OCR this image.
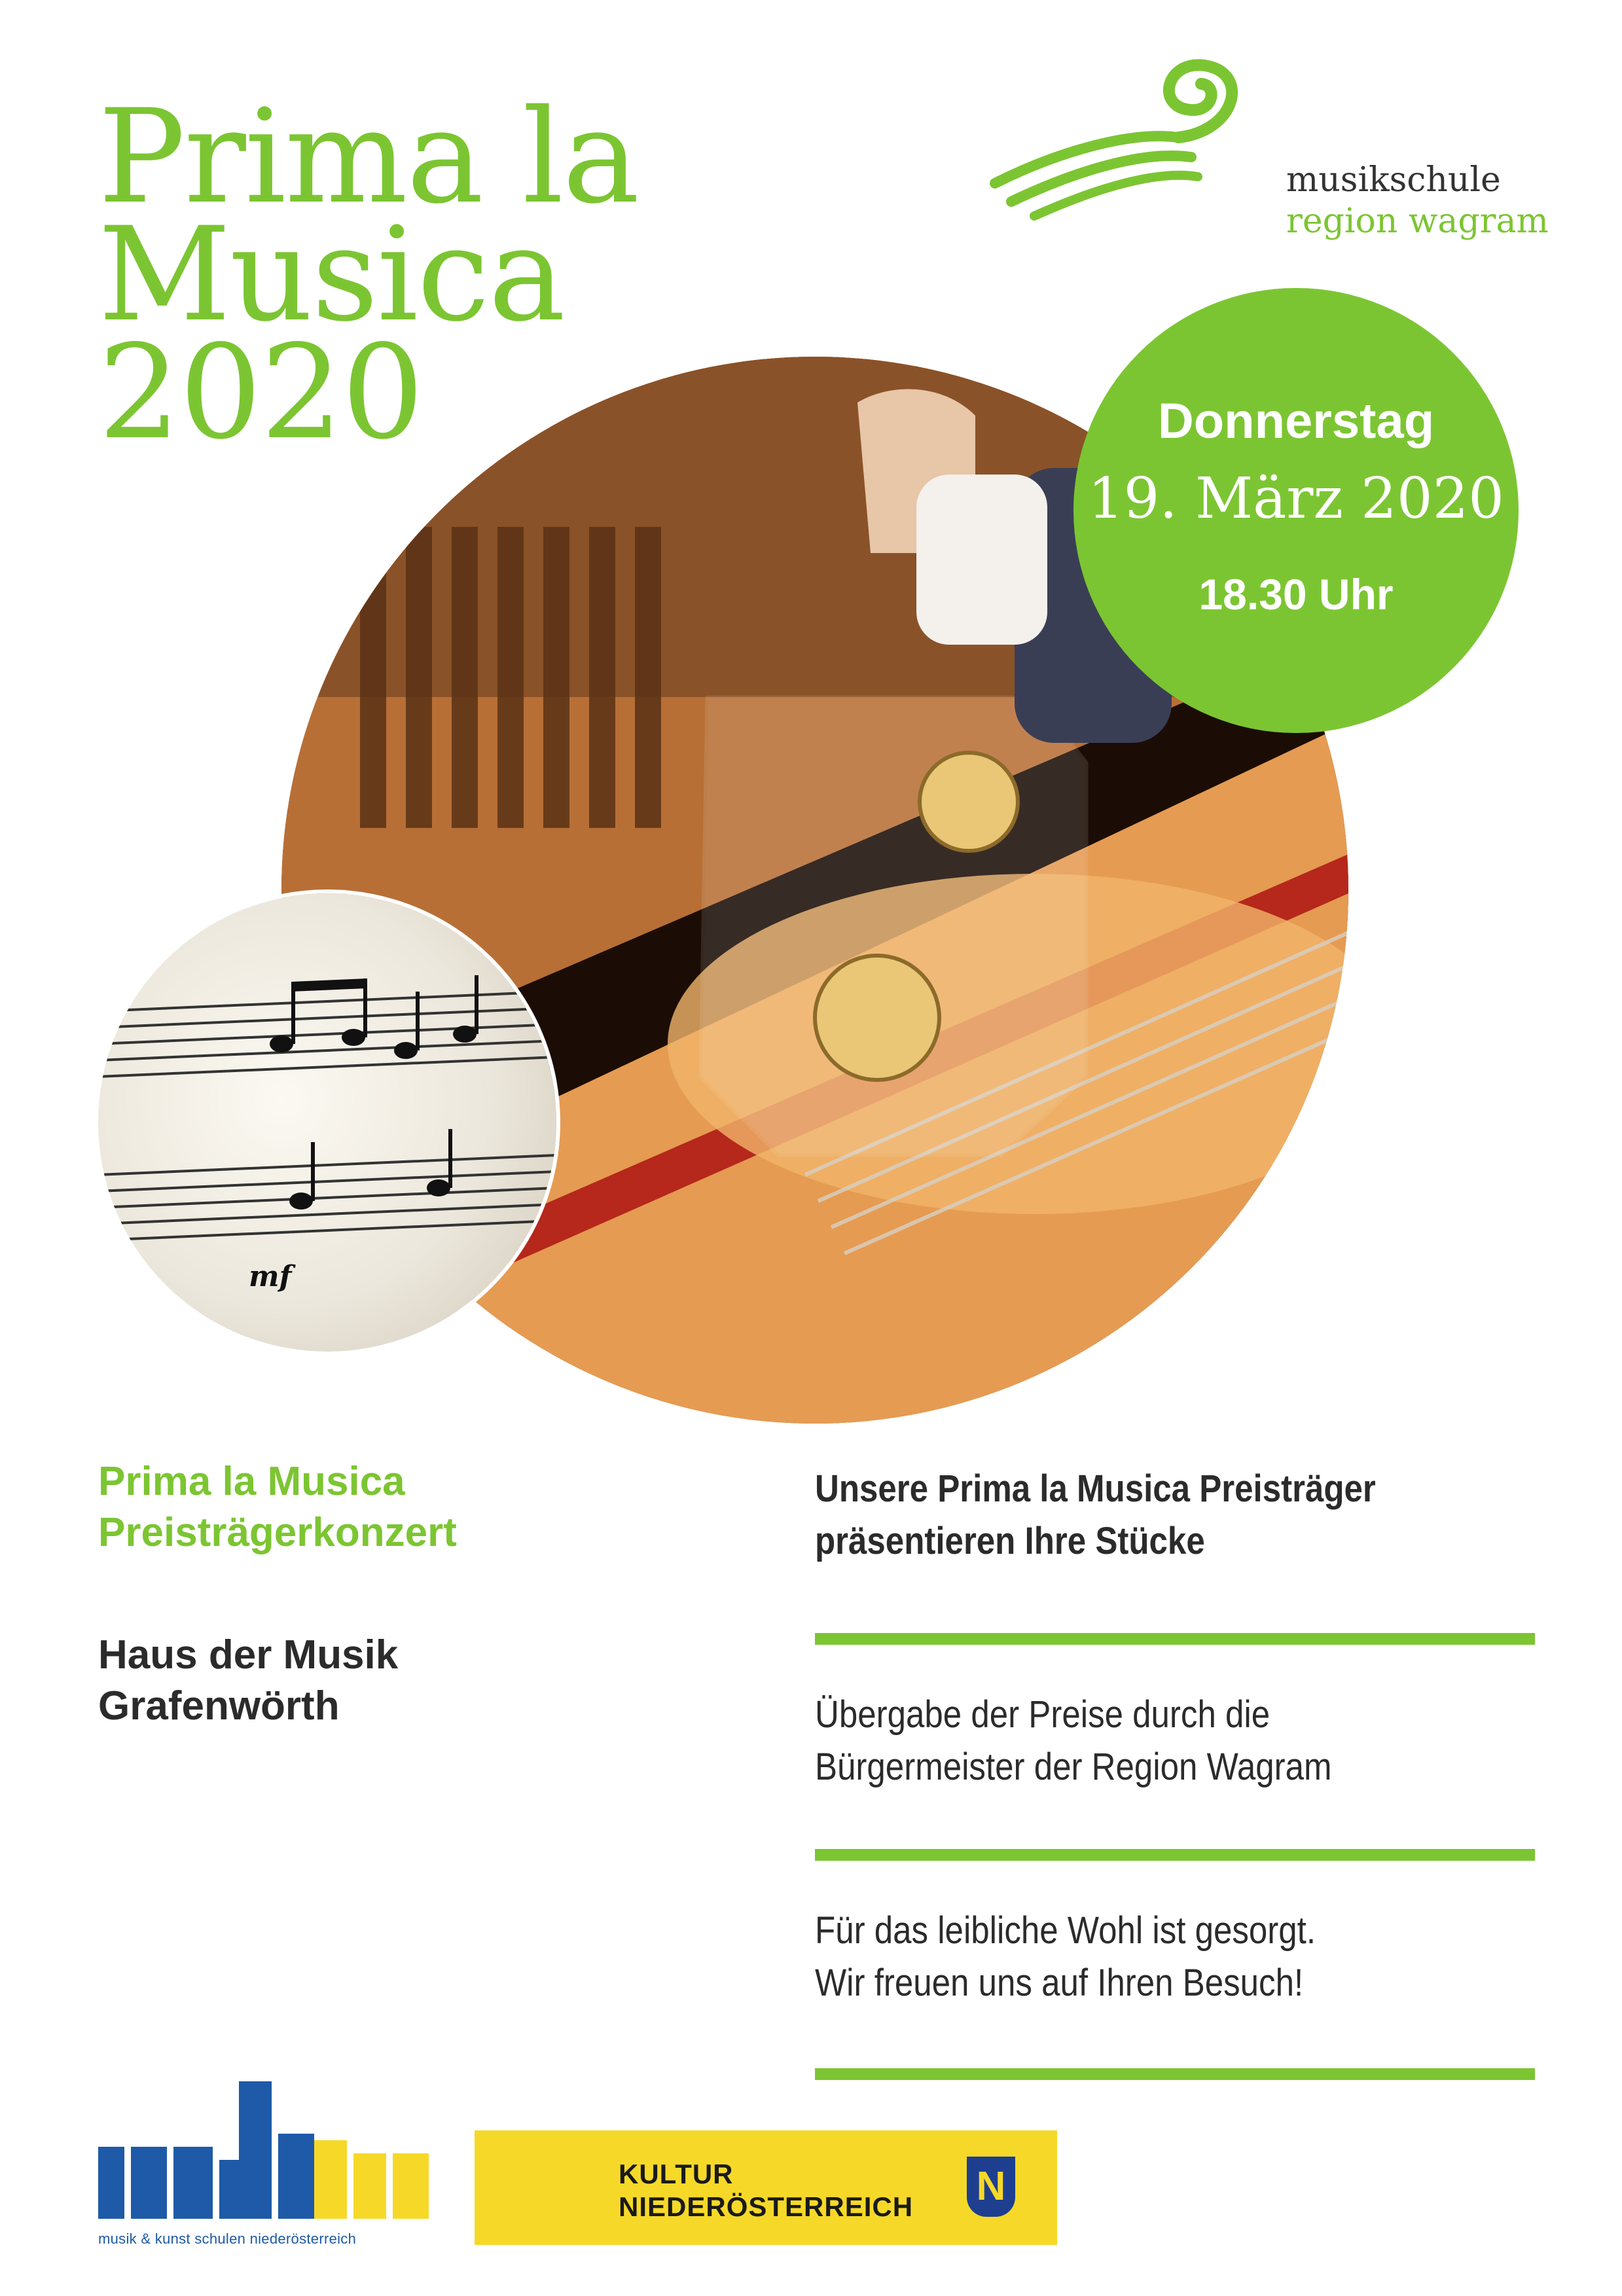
Prima la
Musica
2020
musikschule
region wagram
mf
Donnerstag
19. März 2020
18.30 Uhr
Prima la Musica
Preisträgerkonzert
Haus der Musik
Grafenwörth
Unsere Prima la Musica Preisträger
präsentieren Ihre Stücke
Übergabe der Preise durch die
Bürgermeister der Region Wagram
Für das leibliche Wohl ist gesorgt.
Wir freuen uns auf Ihren Besuch!
musik & kunst schulen niederösterreich
KULTUR
NIEDERÖSTERREICH N
